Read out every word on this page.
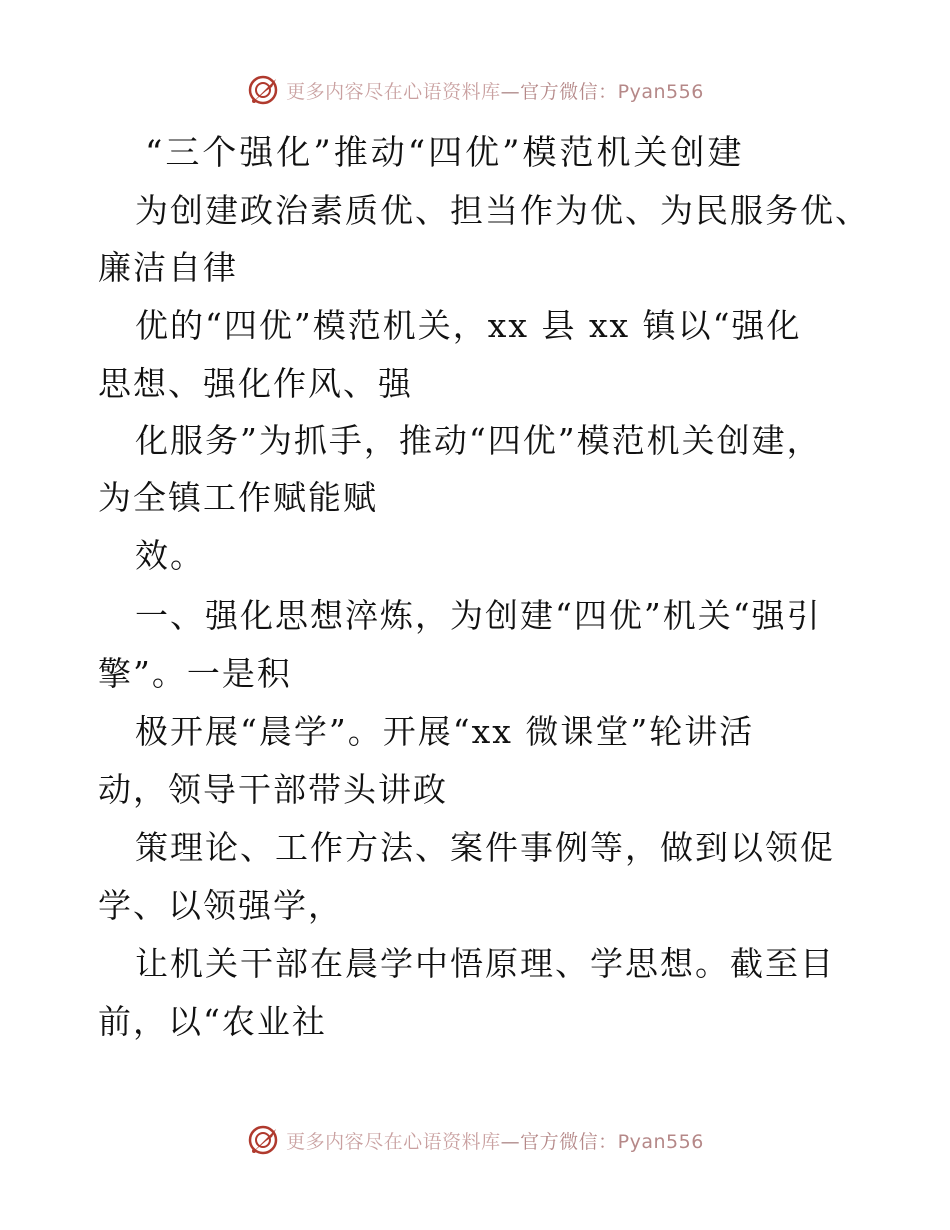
更多内容尽在心语资料库—官方微信：Pyan556
“三个强化”推动“四优”模范机关创建
为创建政治素质优、担当作为优、为民服务优、
廉洁自律
优的“四优”模范机关，xx 县 xx 镇以“强化
思想、强化作风、强
化服务”为抓手，推动“四优”模范机关创建，
为全镇工作赋能赋
效。
一、强化思想淬炼，为创建“四优”机关“强引
擎”。一是积
极开展“晨学”。开展“xx 微课堂”轮讲活
动，领导干部带头讲政
策理论、工作方法、案件事例等，做到以领促
学、以领强学，
让机关干部在晨学中悟原理、学思想。截至目
前，以“农业社
更多内容尽在心语资料库—官方微信：Pyan556
